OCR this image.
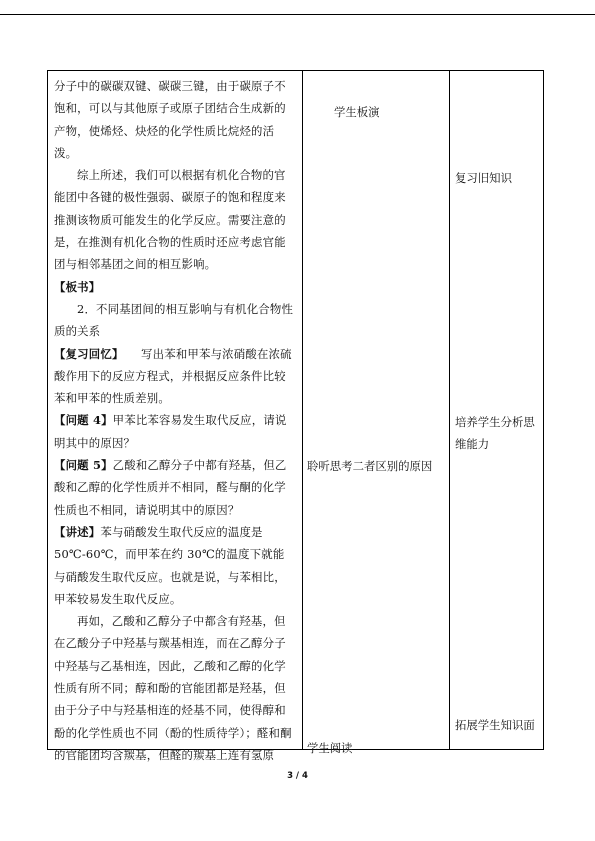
分子中的碳碳双键、碳碳三键，由于碳原子不饱和，可以与其他原子或原子团结合生成新的产物，使烯烃、炔烃的化学性质比烷烃的活泼。

综上所述，我们可以根据有机化合物的官能团中各键的极性强弱、碳原子的饱和程度来推测该物质可能发生的化学反应。需要注意的是，在推测有机化合物的性质时还应考虑官能团与相邻基团之间的相互影响。

【板书】

2．不同基团间的相互影响与有机化合物性质的关系

【复习回忆】　　写出苯和甲苯与浓硝酸在浓硫酸作用下的反应方程式，并根据反应条件比较苯和甲苯的性质差别。

【问题 4】甲苯比苯容易发生取代反应，请说明其中的原因？

【问题 5】乙酸和乙醇分子中都有羟基，但乙酸和乙醇的化学性质并不相同，醛与酮的化学性质也不相同，请说明其中的原因？

【讲述】苯与硝酸发生取代反应的温度是 50℃-60℃，而甲苯在约 30℃的温度下就能与硝酸发生取代反应。也就是说，与苯相比，甲苯较易发生取代反应。

再如，乙酸和乙醇分子中都含有羟基，但在乙酸分子中羟基与羰基相连，而在乙醇分子中羟基与乙基相连，因此，乙酸和乙醇的化学性质有所不同；醇和酚的官能团都是羟基，但由于分子中与羟基相连的烃基不同，使得醇和酚的化学性质也不同（酚的性质待学）；醛和酮的官能团均含羰基，但醛的羰基上连有氢原

学生板演
聆听思考二者区别的原因
学生阅读
复习旧知识
培养学生分析思维能力
拓展学生知识面
3 / 4
